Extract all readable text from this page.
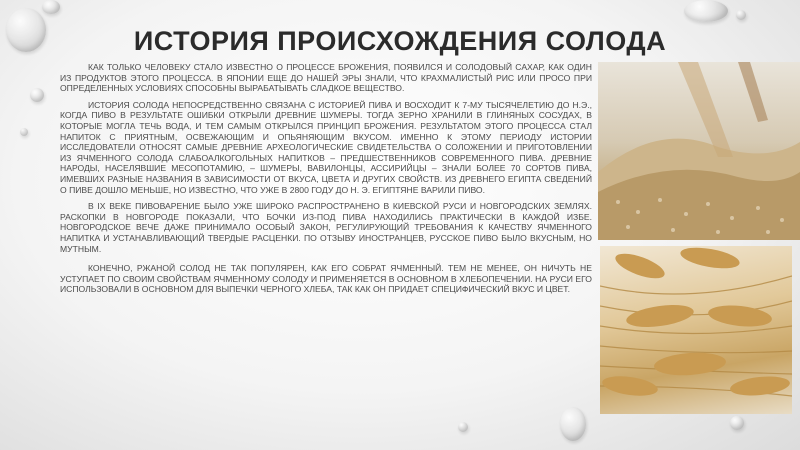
ИСТОРИЯ ПРОИСХОЖДЕНИЯ СОЛОДА

КАК ТОЛЬКО ЧЕЛОВЕКУ СТАЛО ИЗВЕСТНО О ПРОЦЕССЕ БРОЖЕНИЯ, ПОЯВИЛСЯ И СОЛОДОВЫЙ САХАР, КАК ОДИН ИЗ ПРОДУКТОВ ЭТОГО ПРОЦЕССА. В ЯПОНИИ ЕЩЕ ДО НАШЕЙ ЭРЫ ЗНАЛИ, ЧТО КРАХМАЛИСТЫЙ РИС ИЛИ ПРОСО ПРИ ОПРЕДЕЛЕННЫХ УСЛОВИЯХ СПОСОБНЫ ВЫРАБАТЫВАТЬ СЛАДКОЕ ВЕЩЕСТВО.

ИСТОРИЯ СОЛОДА НЕПОСРЕДСТВЕННО СВЯЗАНА С ИСТОРИЕЙ ПИВА И ВОСХОДИТ К 7-МУ ТЫСЯЧЕЛЕТИЮ ДО Н.Э., КОГДА ПИВО В РЕЗУЛЬТАТЕ ОШИБКИ ОТКРЫЛИ ДРЕВНИЕ ШУМЕРЫ. ТОГДА ЗЕРНО ХРАНИЛИ В ГЛИНЯНЫХ СОСУДАХ, В КОТОРЫЕ МОГЛА ТЕЧЬ ВОДА, И ТЕМ САМЫМ ОТКРЫЛСЯ ПРИНЦИП БРОЖЕНИЯ. РЕЗУЛЬТАТОМ ЭТОГО ПРОЦЕССА СТАЛ НАПИТОК С ПРИЯТНЫМ, ОСВЕЖАЮЩИМ И ОПЬЯНЯЮЩИМ ВКУСОМ. ИМЕННО К ЭТОМУ ПЕРИОДУ ИСТОРИИ ИССЛЕДОВАТЕЛИ ОТНОСЯТ САМЫЕ ДРЕВНИЕ АРХЕОЛОГИЧЕСКИЕ СВИДЕТЕЛЬСТВА О СОЛОЖЕНИИ И ПРИГОТОВЛЕНИИ ИЗ ЯЧМЕННОГО СОЛОДА СЛАБОАЛКОГОЛЬНЫХ НАПИТКОВ – ПРЕДШЕСТВЕННИКОВ СОВРЕМЕННОГО ПИВА. ДРЕВНИЕ НАРОДЫ, НАСЕЛЯВШИЕ МЕСОПОТАМИЮ, – ШУМЕРЫ, ВАВИЛОНЦЫ, АССИРИЙЦЫ – ЗНАЛИ БОЛЕЕ 70 СОРТОВ ПИВА, ИМЕВШИХ РАЗНЫЕ НАЗВАНИЯ В ЗАВИСИМОСТИ ОТ ВКУСА, ЦВЕТА И ДРУГИХ СВОЙСТВ. ИЗ ДРЕВНЕГО ЕГИПТА СВЕДЕНИЙ О ПИВЕ ДОШЛО МЕНЬШЕ, НО ИЗВЕСТНО, ЧТО УЖЕ В 2800 ГОДУ ДО Н. Э. ЕГИПТЯНЕ ВАРИЛИ ПИВО.

В IX ВЕКЕ ПИВОВАРЕНИЕ БЫЛО УЖЕ ШИРОКО РАСПРОСТРАНЕНО В КИЕВСКОЙ РУСИ И НОВГОРОДСКИХ ЗЕМЛЯХ. РАСКОПКИ В НОВГОРОДЕ ПОКАЗАЛИ, ЧТО БОЧКИ ИЗ-ПОД ПИВА НАХОДИЛИСЬ ПРАКТИЧЕСКИ В КАЖДОЙ ИЗБЕ. НОВГОРОДСКОЕ ВЕЧЕ ДАЖЕ ПРИНИМАЛО ОСОБЫЙ ЗАКОН, РЕГУЛИРУЮЩИЙ ТРЕБОВАНИЯ К КАЧЕСТВУ ЯЧМЕННОГО НАПИТКА И УСТАНАВЛИВАЮЩИЙ ТВЕРДЫЕ РАСЦЕНКИ. ПО ОТЗЫВУ ИНОСТРАНЦЕВ, РУССКОЕ ПИВО БЫЛО ВКУСНЫМ, НО МУТНЫМ.

КОНЕЧНО, РЖАНОЙ СОЛОД НЕ ТАК ПОПУЛЯРЕН, КАК ЕГО СОБРАТ ЯЧМЕННЫЙ. ТЕМ НЕ МЕНЕЕ, ОН НИЧУТЬ НЕ УСТУПАЕТ ПО СВОИМ СВОЙСТВАМ ЯЧМЕННОМУ СОЛОДУ И ПРИМЕНЯЕТСЯ В ОСНОВНОМ В ХЛЕБОПЕЧЕНИИ. НА РУСИ ЕГО ИСПОЛЬЗОВАЛИ В ОСНОВНОМ ДЛЯ ВЫПЕЧКИ ЧЕРНОГО ХЛЕБА, ТАК КАК ОН ПРИДАЕТ СПЕЦИФИЧЕСКИЙ ВКУС И ЦВЕТ.
